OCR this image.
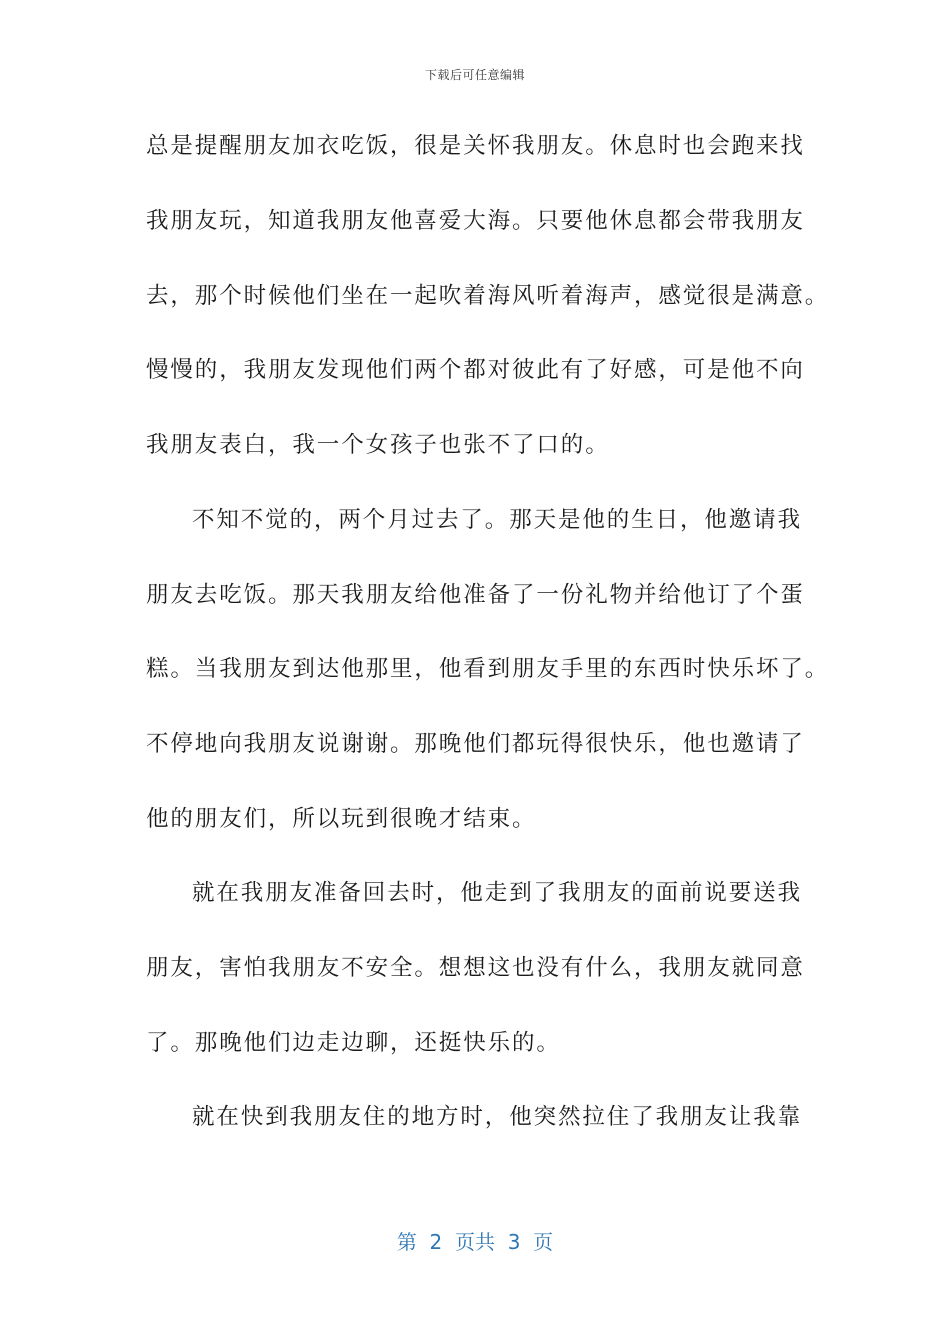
下载后可任意编辑
总是提醒朋友加衣吃饭，很是关怀我朋友。休息时也会跑来找
我朋友玩，知道我朋友他喜爱大海。只要他休息都会带我朋友
去，那个时候他们坐在一起吹着海风听着海声，感觉很是满意。
慢慢的，我朋友发现他们两个都对彼此有了好感，可是他不向
我朋友表白，我一个女孩子也张不了口的。
不知不觉的，两个月过去了。那天是他的生日，他邀请我
朋友去吃饭。那天我朋友给他准备了一份礼物并给他订了个蛋
糕。当我朋友到达他那里，他看到朋友手里的东西时快乐坏了。
不停地向我朋友说谢谢。那晚他们都玩得很快乐，他也邀请了
他的朋友们，所以玩到很晚才结束。
就在我朋友准备回去时，他走到了我朋友的面前说要送我
朋友，害怕我朋友不安全。想想这也没有什么，我朋友就同意
了。那晚他们边走边聊，还挺快乐的。
就在快到我朋友住的地方时，他突然拉住了我朋友让我靠
第  2  页共  3  页
